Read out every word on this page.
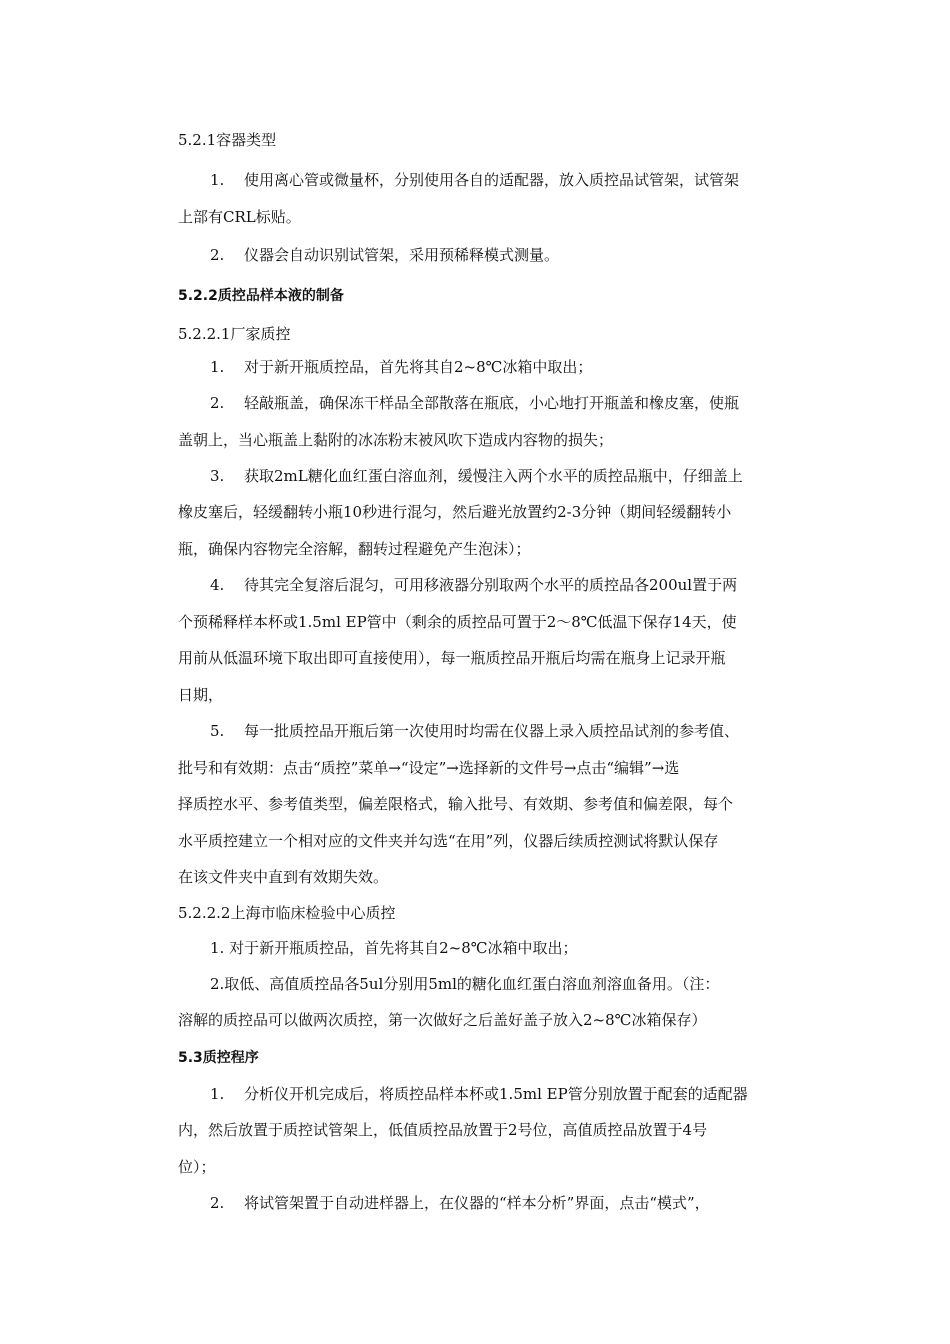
5.2.1容器类型
1. 使用离心管或微量杯，分别使用各自的适配器，放入质控品试管架，试管架
上部有CRL标贴。
2. 仪器会自动识别试管架，采用预稀释模式测量。
5.2.2质控品样本液的制备
5.2.2.1厂家质控
1. 对于新开瓶质控品，首先将其自2~8℃冰箱中取出；
2. 轻敲瓶盖，确保冻干样品全部散落在瓶底，小心地打开瓶盖和橡皮塞，使瓶
盖朝上，当心瓶盖上黏附的冰冻粉末被风吹下造成内容物的损失；
3. 获取2mL糖化血红蛋白溶血剂，缓慢注入两个水平的质控品瓶中，仔细盖上
橡皮塞后，轻缓翻转小瓶10秒进行混匀，然后避光放置约2-3分钟（期间轻缓翻转小
瓶，确保内容物完全溶解，翻转过程避免产生泡沫）；
4. 待其完全复溶后混匀，可用移液器分别取两个水平的质控品各200ul置于两
个预稀释样本杯或1.5ml EP管中（剩余的质控品可置于2～8℃低温下保存14天，使
用前从低温环境下取出即可直接使用），每一瓶质控品开瓶后均需在瓶身上记录开瓶
日期，
5. 每一批质控品开瓶后第一次使用时均需在仪器上录入质控品试剂的参考值、
批号和有效期：点击“质控”菜单→“设定”→选择新的文件号→点击“编辑”→选
择质控水平、参考值类型，偏差限格式，输入批号、有效期、参考值和偏差限，每个
水平质控建立一个相对应的文件夹并勾选“在用”列，仪器后续质控测试将默认保存
在该文件夹中直到有效期失效。
5.2.2.2上海市临床检验中心质控
1. 对于新开瓶质控品，首先将其自2~8℃冰箱中取出；
2.取低、高值质控品各5ul分别用5ml的糖化血红蛋白溶血剂溶血备用。（注：
溶解的质控品可以做两次质控，第一次做好之后盖好盖子放入2~8℃冰箱保存）
5.3质控程序
1. 分析仪开机完成后，将质控品样本杯或1.5ml EP管分别放置于配套的适配器
内，然后放置于质控试管架上，低值质控品放置于2号位，高值质控品放置于4号
位）；
2. 将试管架置于自动进样器上，在仪器的“样本分析”界面，点击“模式”，
